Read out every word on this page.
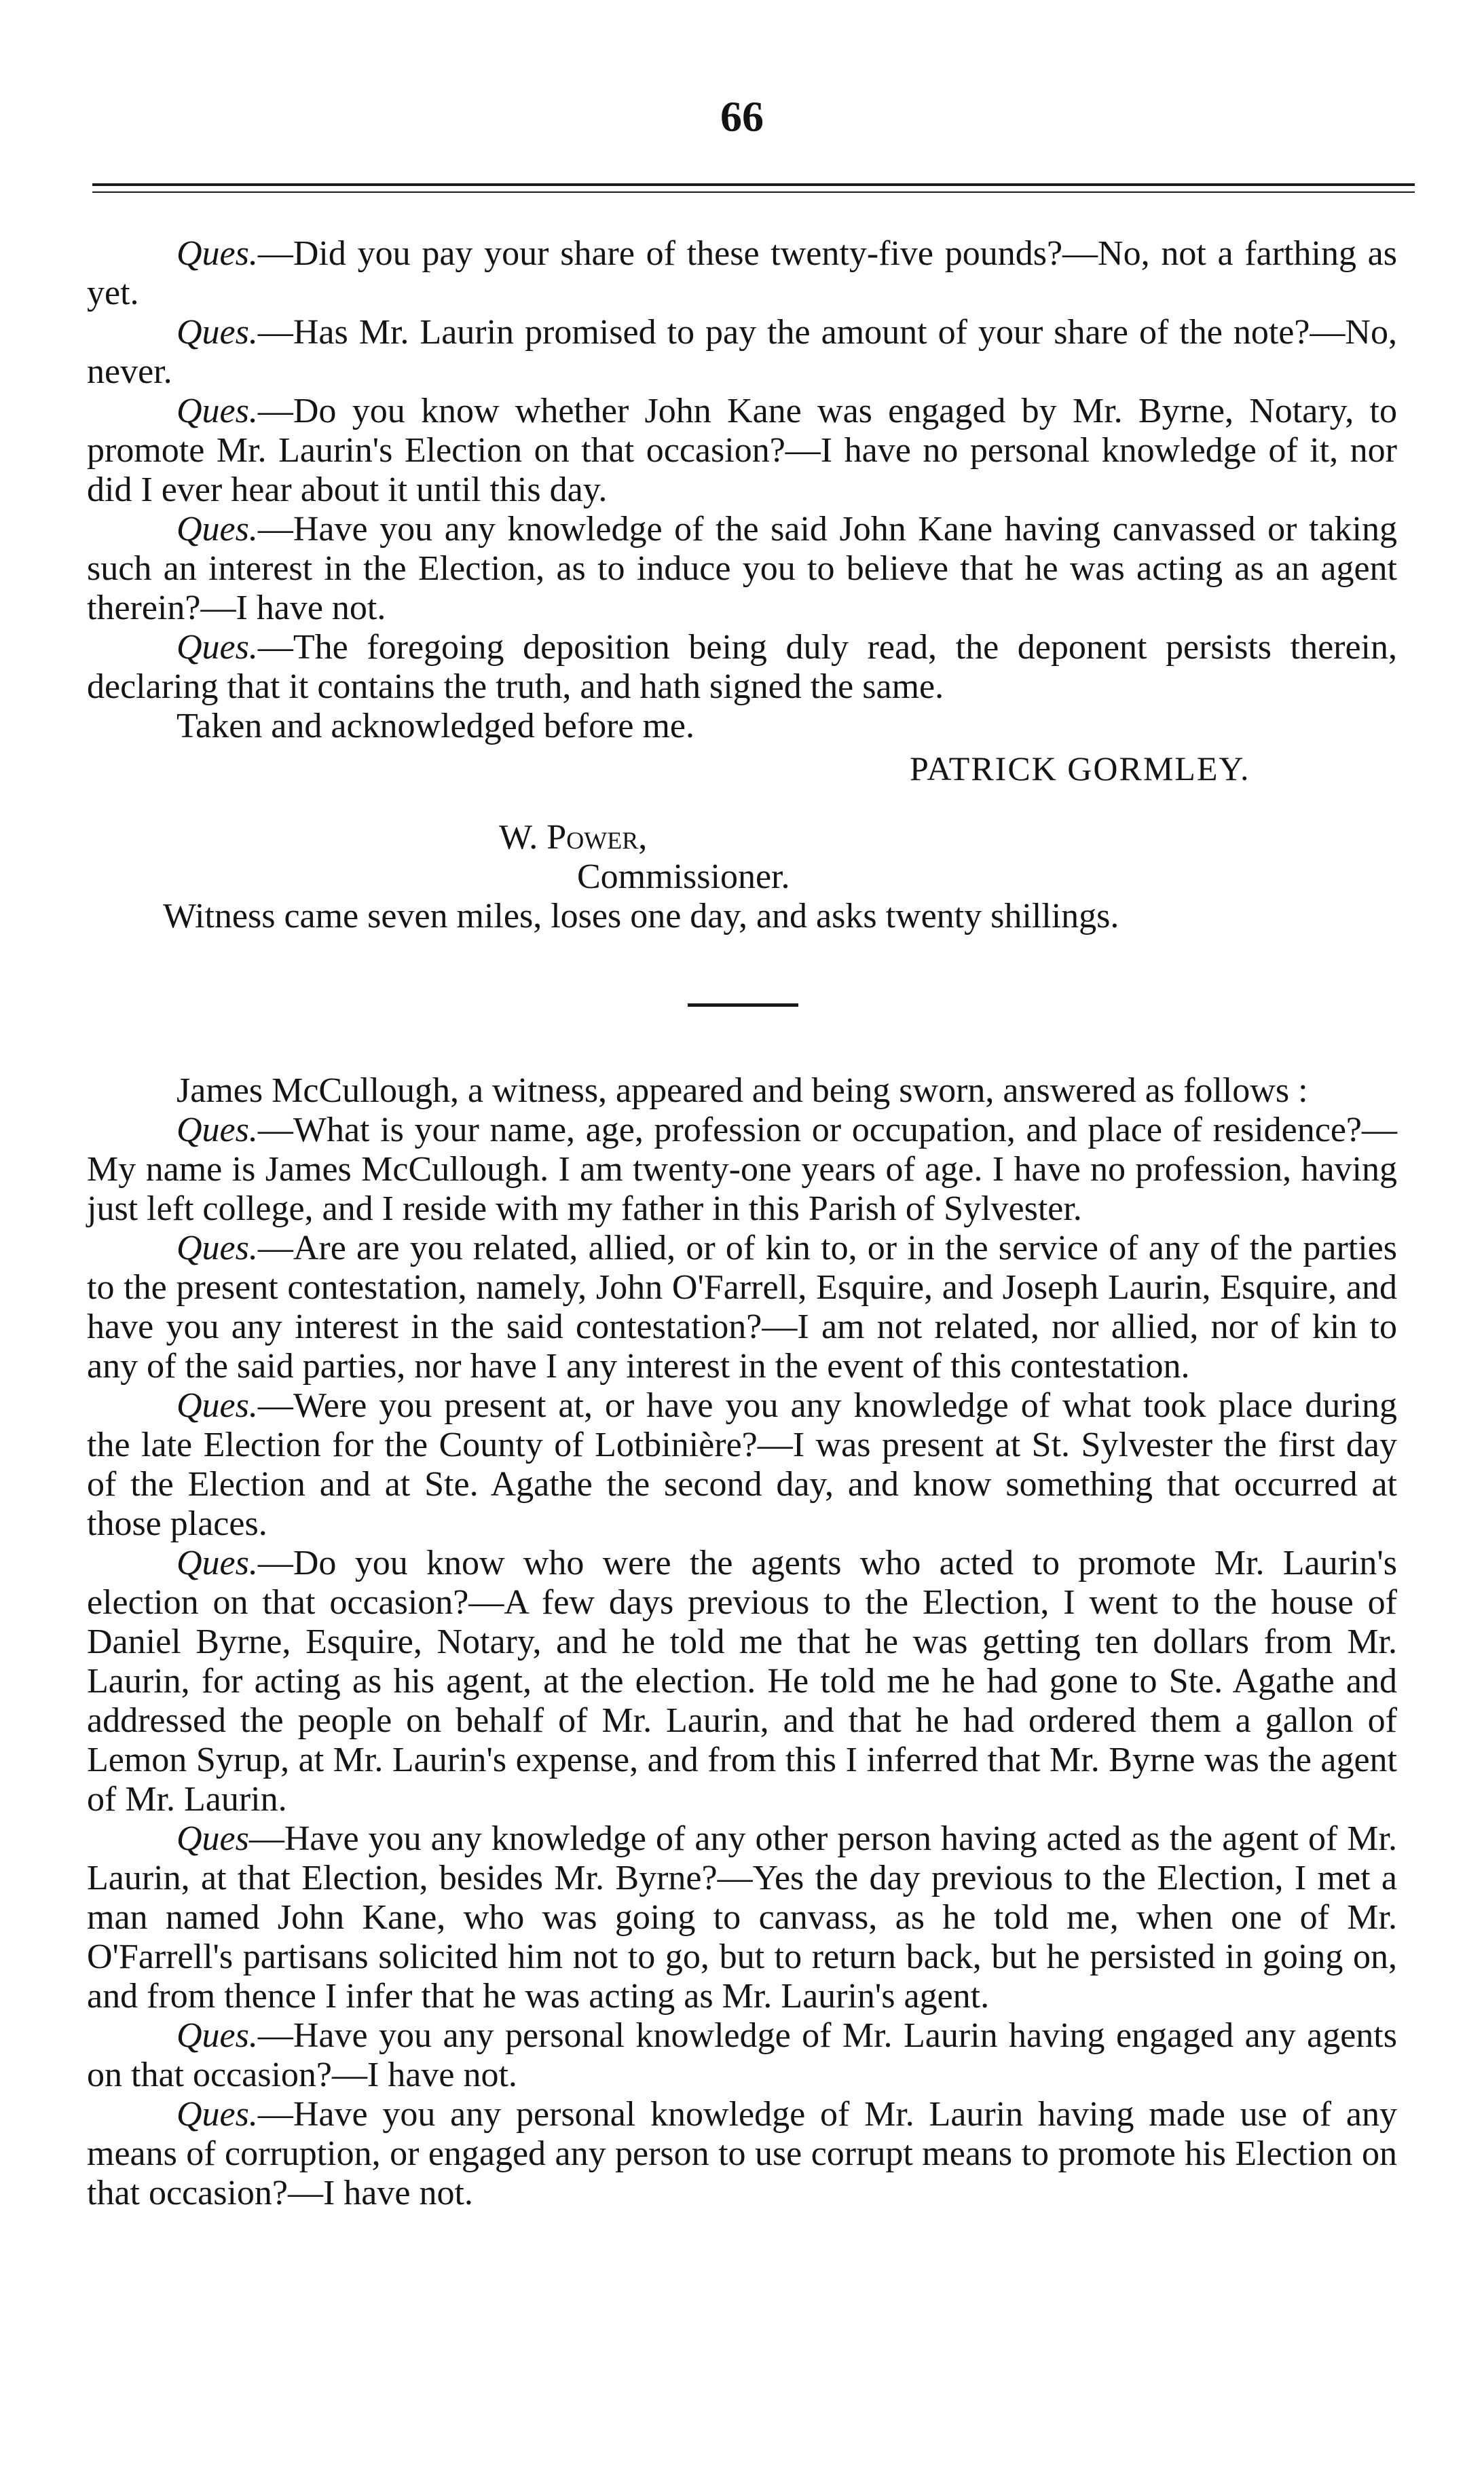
66

Ques.—Did you pay your share of these twenty-five pounds?—No, not a farthing as yet.

Ques.—Has Mr. Laurin promised to pay the amount of your share of the note?—No, never.

Ques.—Do you know whether John Kane was engaged by Mr. Byrne, Notary, to promote Mr. Laurin's Election on that occasion?—I have no personal knowledge of it, nor did I ever hear about it until this day.

Ques.—Have you any knowledge of the said John Kane having canvassed or taking such an interest in the Election, as to induce you to believe that he was acting as an agent therein?—I have not.

Ques.—The foregoing deposition being duly read, the deponent persists therein, declaring that it contains the truth, and hath signed the same.

Taken and acknowledged before me.

PATRICK GORMLEY.
W. Power,
Commissioner.
Witness came seven miles, loses one day, and asks twenty shillings.

James McCullough, a witness, appeared and being sworn, answered as follows :

Ques.—What is your name, age, profession or occupation, and place of residence?—My name is James McCullough. I am twenty-one years of age. I have no profession, having just left college, and I reside with my father in this Parish of Sylvester.

Ques.—Are are you related, allied, or of kin to, or in the service of any of the parties to the present contestation, namely, John O'Farrell, Esquire, and Joseph Laurin, Esquire, and have you any interest in the said contestation?—I am not related, nor allied, nor of kin to any of the said parties, nor have I any interest in the event of this contestation.

Ques.—Were you present at, or have you any knowledge of what took place during the late Election for the County of Lotbinière?—I was present at St. Sylvester the first day of the Election and at Ste. Agathe the second day, and know something that occurred at those places.

Ques.—Do you know who were the agents who acted to promote Mr. Laurin's election on that occasion?—A few days previous to the Election, I went to the house of Daniel Byrne, Esquire, Notary, and he told me that he was getting ten dollars from Mr. Laurin, for acting as his agent, at the election. He told me he had gone to Ste. Agathe and addressed the people on behalf of Mr. Laurin, and that he had ordered them a gallon of Lemon Syrup, at Mr. Laurin's expense, and from this I inferred that Mr. Byrne was the agent of Mr. Laurin.

Ques—Have you any knowledge of any other person having acted as the agent of Mr. Laurin, at that Election, besides Mr. Byrne?—Yes the day previous to the Election, I met a man named John Kane, who was going to canvass, as he told me, when one of Mr. O'Farrell's partisans solicited him not to go, but to return back, but he persisted in going on, and from thence I infer that he was acting as Mr. Laurin's agent.

Ques.—Have you any personal knowledge of Mr. Laurin having engaged any agents on that occasion?—I have not.

Ques.—Have you any personal knowledge of Mr. Laurin having made use of any means of corruption, or engaged any person to use corrupt means to promote his Election on that occasion?—I have not.
